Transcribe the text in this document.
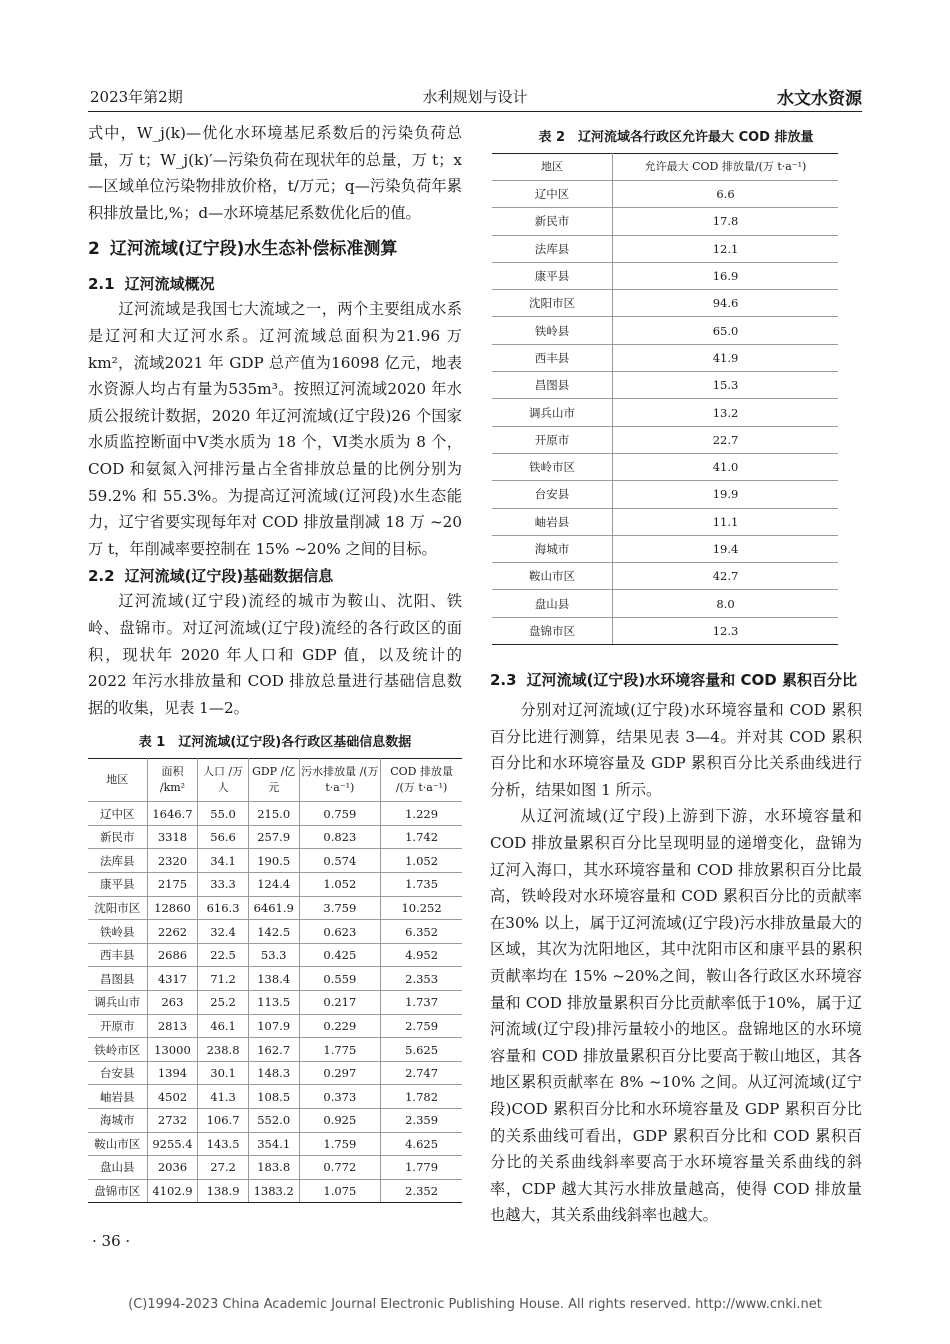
2023年第2期	水利规划与设计	水文水资源

式中，W_j(k)—优化水环境基尼系数后的污染负荷总量，万 t；W_j(k)′—污染负荷在现状年的总量，万 t；x—区域单位污染物排放价格，t/万元；q—污染负荷年累积排放量比,%；d—水环境基尼系数优化后的值。

2 辽河流域(辽宁段)水生态补偿标准测算
2.1 辽河流域概况

辽河流域是我国七大流域之一，两个主要组成水系是辽河和大辽河水系。辽河流域总面积为21.96 万 km²，流域2021 年 GDP 总产值为16098 亿元，地表水资源人均占有量为535m³。按照辽河流域2020 年水质公报统计数据，2020 年辽河流域(辽宁段)26 个国家水质监控断面中Ⅴ类水质为 18 个，Ⅵ类水质为 8 个，COD 和氨氮入河排污量占全省排放总量的比例分别为 59.2% 和 55.3%。为提高辽河流域(辽河段)水生态能力，辽宁省要实现每年对 COD 排放量削减 18 万 ~20 万 t，年削减率要控制在 15% ~20% 之间的目标。

2.2 辽河流域(辽宁段)基础数据信息

辽河流域(辽宁段)流经的城市为鞍山、沈阳、铁岭、盘锦市。对辽河流域(辽宁段)流经的各行政区的面积，现状年 2020 年人口和 GDP 值，以及统计的 2022 年污水排放量和 COD 排放总量进行基础信息数据的收集，见表 1—2。

表 1　辽河流域(辽宁段)各行政区基础信息数据
地区	面积 /km²	人口 /万人	GDP /亿元	污水排放量 /(万 t·a⁻¹)	COD 排放量 /(万 t·a⁻¹)
辽中区	1646.7	55.0	215.0	0.759	1.229
新民市	3318	56.6	257.9	0.823	1.742
法库县	2320	34.1	190.5	0.574	1.052
康平县	2175	33.3	124.4	1.052	1.735
沈阳市区	12860	616.3	6461.9	3.759	10.252
铁岭县	2262	32.4	142.5	0.623	6.352
西丰县	2686	22.5	53.3	0.425	4.952
昌图县	4317	71.2	138.4	0.559	2.353
调兵山市	263	25.2	113.5	0.217	1.737
开原市	2813	46.1	107.9	0.229	2.759
铁岭市区	13000	238.8	162.7	1.775	5.625
台安县	1394	30.1	148.3	0.297	2.747
岫岩县	4502	41.3	108.5	0.373	1.782
海城市	2732	106.7	552.0	0.925	2.359
鞍山市区	9255.4	143.5	354.1	1.759	4.625
盘山县	2036	27.2	183.8	0.772	1.779
盘锦市区	4102.9	138.9	1383.2	1.075	2.352
表 2　辽河流域各行政区允许最大 COD 排放量
地区	允许最大 COD 排放量/(万 t·a⁻¹)
辽中区	6.6
新民市	17.8
法库县	12.1
康平县	16.9
沈阳市区	94.6
铁岭县	65.0
西丰县	41.9
昌图县	15.3
调兵山市	13.2
开原市	22.7
铁岭市区	41.0
台安县	19.9
岫岩县	11.1
海城市	19.4
鞍山市区	42.7
盘山县	8.0
盘锦市区	12.3
2.3 辽河流域(辽宁段)水环境容量和 COD 累积百分比

分别对辽河流域(辽宁段)水环境容量和 COD 累积百分比进行测算，结果见表 3—4。并对其 COD 累积百分比和水环境容量及 GDP 累积百分比关系曲线进行分析，结果如图 1 所示。

从辽河流域(辽宁段)上游到下游，水环境容量和 COD 排放量累积百分比呈现明显的递增变化，盘锦为辽河入海口，其水环境容量和 COD 排放累积百分比最高，铁岭段对水环境容量和 COD 累积百分比的贡献率在30% 以上，属于辽河流域(辽宁段)污水排放量最大的区域，其次为沈阳地区，其中沈阳市区和康平县的累积贡献率均在 15% ~20%之间，鞍山各行政区水环境容量和 COD 排放量累积百分比贡献率低于10%，属于辽河流域(辽宁段)排污量较小的地区。盘锦地区的水环境容量和 COD 排放量累积百分比要高于鞍山地区，其各地区累积贡献率在 8% ~10% 之间。从辽河流域(辽宁段)COD 累积百分比和水环境容量及 GDP 累积百分比的关系曲线可看出，GDP 累积百分比和 COD 累积百分比的关系曲线斜率要高于水环境容量关系曲线的斜率，CDP 越大其污水排放量越高，使得 COD 排放量也越大，其关系曲线斜率也越大。

· 36 ·
(C)1994-2023 China Academic Journal Electronic Publishing House. All rights reserved. http://www.cnki.net
